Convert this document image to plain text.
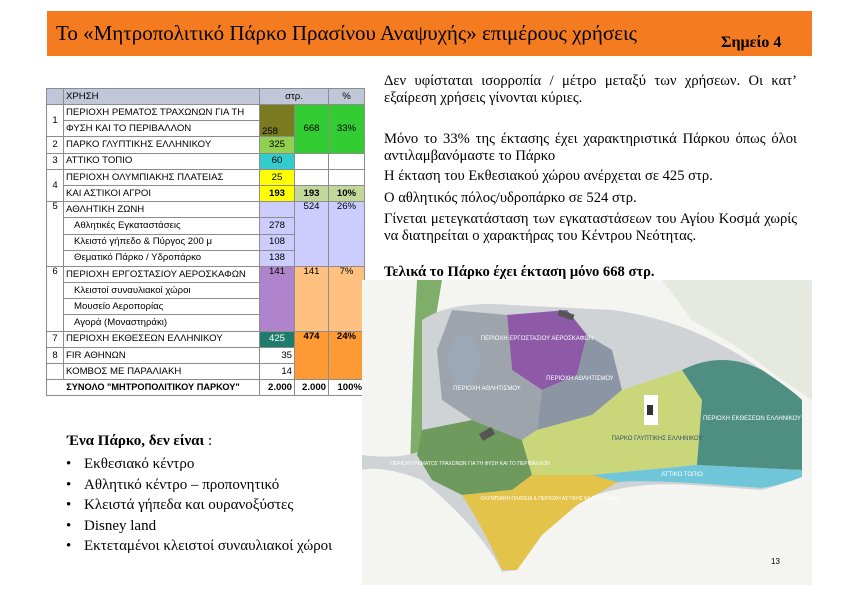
Το «Μητροπολιτικό Πάρκο Πρασίνου Αναψυχής» επιμέρους χρήσεις	Σημείο 4
	ΧΡΗΣΗ	στρ.		%
1	ΠΕΡΙΟΧΗ ΡΕΜΑΤΟΣ ΤΡΑΧΩΝΩΝ ΓΙΑ ΤΗ	258	668	33%
	ΦΥΣΗ ΚΑΙ ΤΟ ΠΕΡΙΒΑΛΛΟΝ			
2	ΠΑΡΚΟ ΓΛΥΠΤΙΚΗΣ ΕΛΛΗΝΙΚΟΥ	325		
3	ΑΤΤΙΚΟ ΤΟΠΙΟ	60		
4	ΠΕΡΙΟΧΗ ΟΛΥΜΠΙΑΚΗΣ ΠΛΑΤΕΙΑΣ	25		
	ΚΑΙ ΑΣΤΙΚΟΙ ΑΓΡΟΙ	193	193	10%
5	ΑΘΛΗΤΙΚΗ ΖΩΝΗ		524	26%
	Αθλητικές Εγκαταστάσεις	278		
	Κλειστό γήπεδο & Πύργος 200 μ	108		
	Θεματικό Πάρκο / Υδροπάρκο	138		
6	ΠΕΡΙΟΧΗ ΕΡΓΟΣΤΑΣΙΟΥ ΑΕΡΟΣΚΑΦΩΝ	141	141	7%
	Κλειστοί συναυλιακοί χώροι			
	Μουσείο Αεροπορίας			
	Αγορά (Μοναστηράκι)			
7	ΠΕΡΙΟΧΗ ΕΚΘΕΣΕΩΝ ΕΛΛΗΝΙΚΟΥ	425	474	24%
8	FIR ΑΘΗΝΩΝ	35		
	ΚΟΜΒΟΣ ΜΕ ΠΑΡΑΛΙΑΚΗ	14		
ΣΥΝΟΛΟ "ΜΗΤΡΟΠΟΛΙΤΙΚΟΥ ΠΑΡΚΟΥ"		2.000	2.000	100%
Δεν υφίσταται ισορροπία / μέτρο μεταξύ των χρήσεων. Οι κατ’ εξαίρεση χρήσεις γίνονται κύριες.
Μόνο το 33% της έκτασης έχει χαρακτηριστικά Πάρκου όπως όλοι αντιλαμβανόμαστε το Πάρκο
Η έκταση του Εκθεσιακού χώρου ανέρχεται σε 425 στρ.
Ο αθλητικός πόλος/υδροπάρκο σε 524 στρ.
Γίνεται μετεγκατάσταση των εγκαταστάσεων του Αγίου Κοσμά χωρίς να διατηρείται ο χαρακτήρας του Κέντρου Νεότητας.
Τελικά το Πάρκο έχει έκταση μόνο 668 στρ.
Ένα Πάρκο, δεν είναι :
• Εκθεσιακό κέντρο
• Αθλητικό κέντρο – προπονητικό
• Κλειστά γήπεδα και ουρανοξύστες
• Disney land
• Εκτεταμένοι κλειστοί συναυλιακοί χώροι
ΠΕΡΙΟΧΗ ΕΡΓΟΣΤΑΣΙΟΥ ΑΕΡΟΣΚΑΦΩΝ
ΠΕΡΙΟΧΗ ΑΘΛΗΤΙΣΜΟΥ
ΠΕΡΙΟΧΗ ΑΘΛΗΤΙΣΜΟΥ
ΠΑΡΚΟ ΓΛΥΠΤΙΚΗΣ ΕΛΛΗΝΙΚΟΥ
ΠΕΡΙΟΧΗ ΕΚΘΕΣΕΩΝ ΕΛΛΗΝΙΚΟΥ
ΠΕΡΙΟΧΗ ΡΕΜΑΤΟΣ ΤΡΑΧΩΝΩΝ ΓΙΑ ΤΗ ΦΥΣΗ ΚΑΙ ΤΟ ΠΕΡΙΒΑΛΛΟΝ
ΟΛΥΜΠΙΑΚΗ ΠΛΑΤΕΙΑ & ΠΕΡΙΟΧΗ ΑΣΤΙΚΗΣ ΚΑΛΛΙΕΡΓΕΙΑΣ
ΑΤΤΙΚΟ ΤΟΠΙΟ
13
